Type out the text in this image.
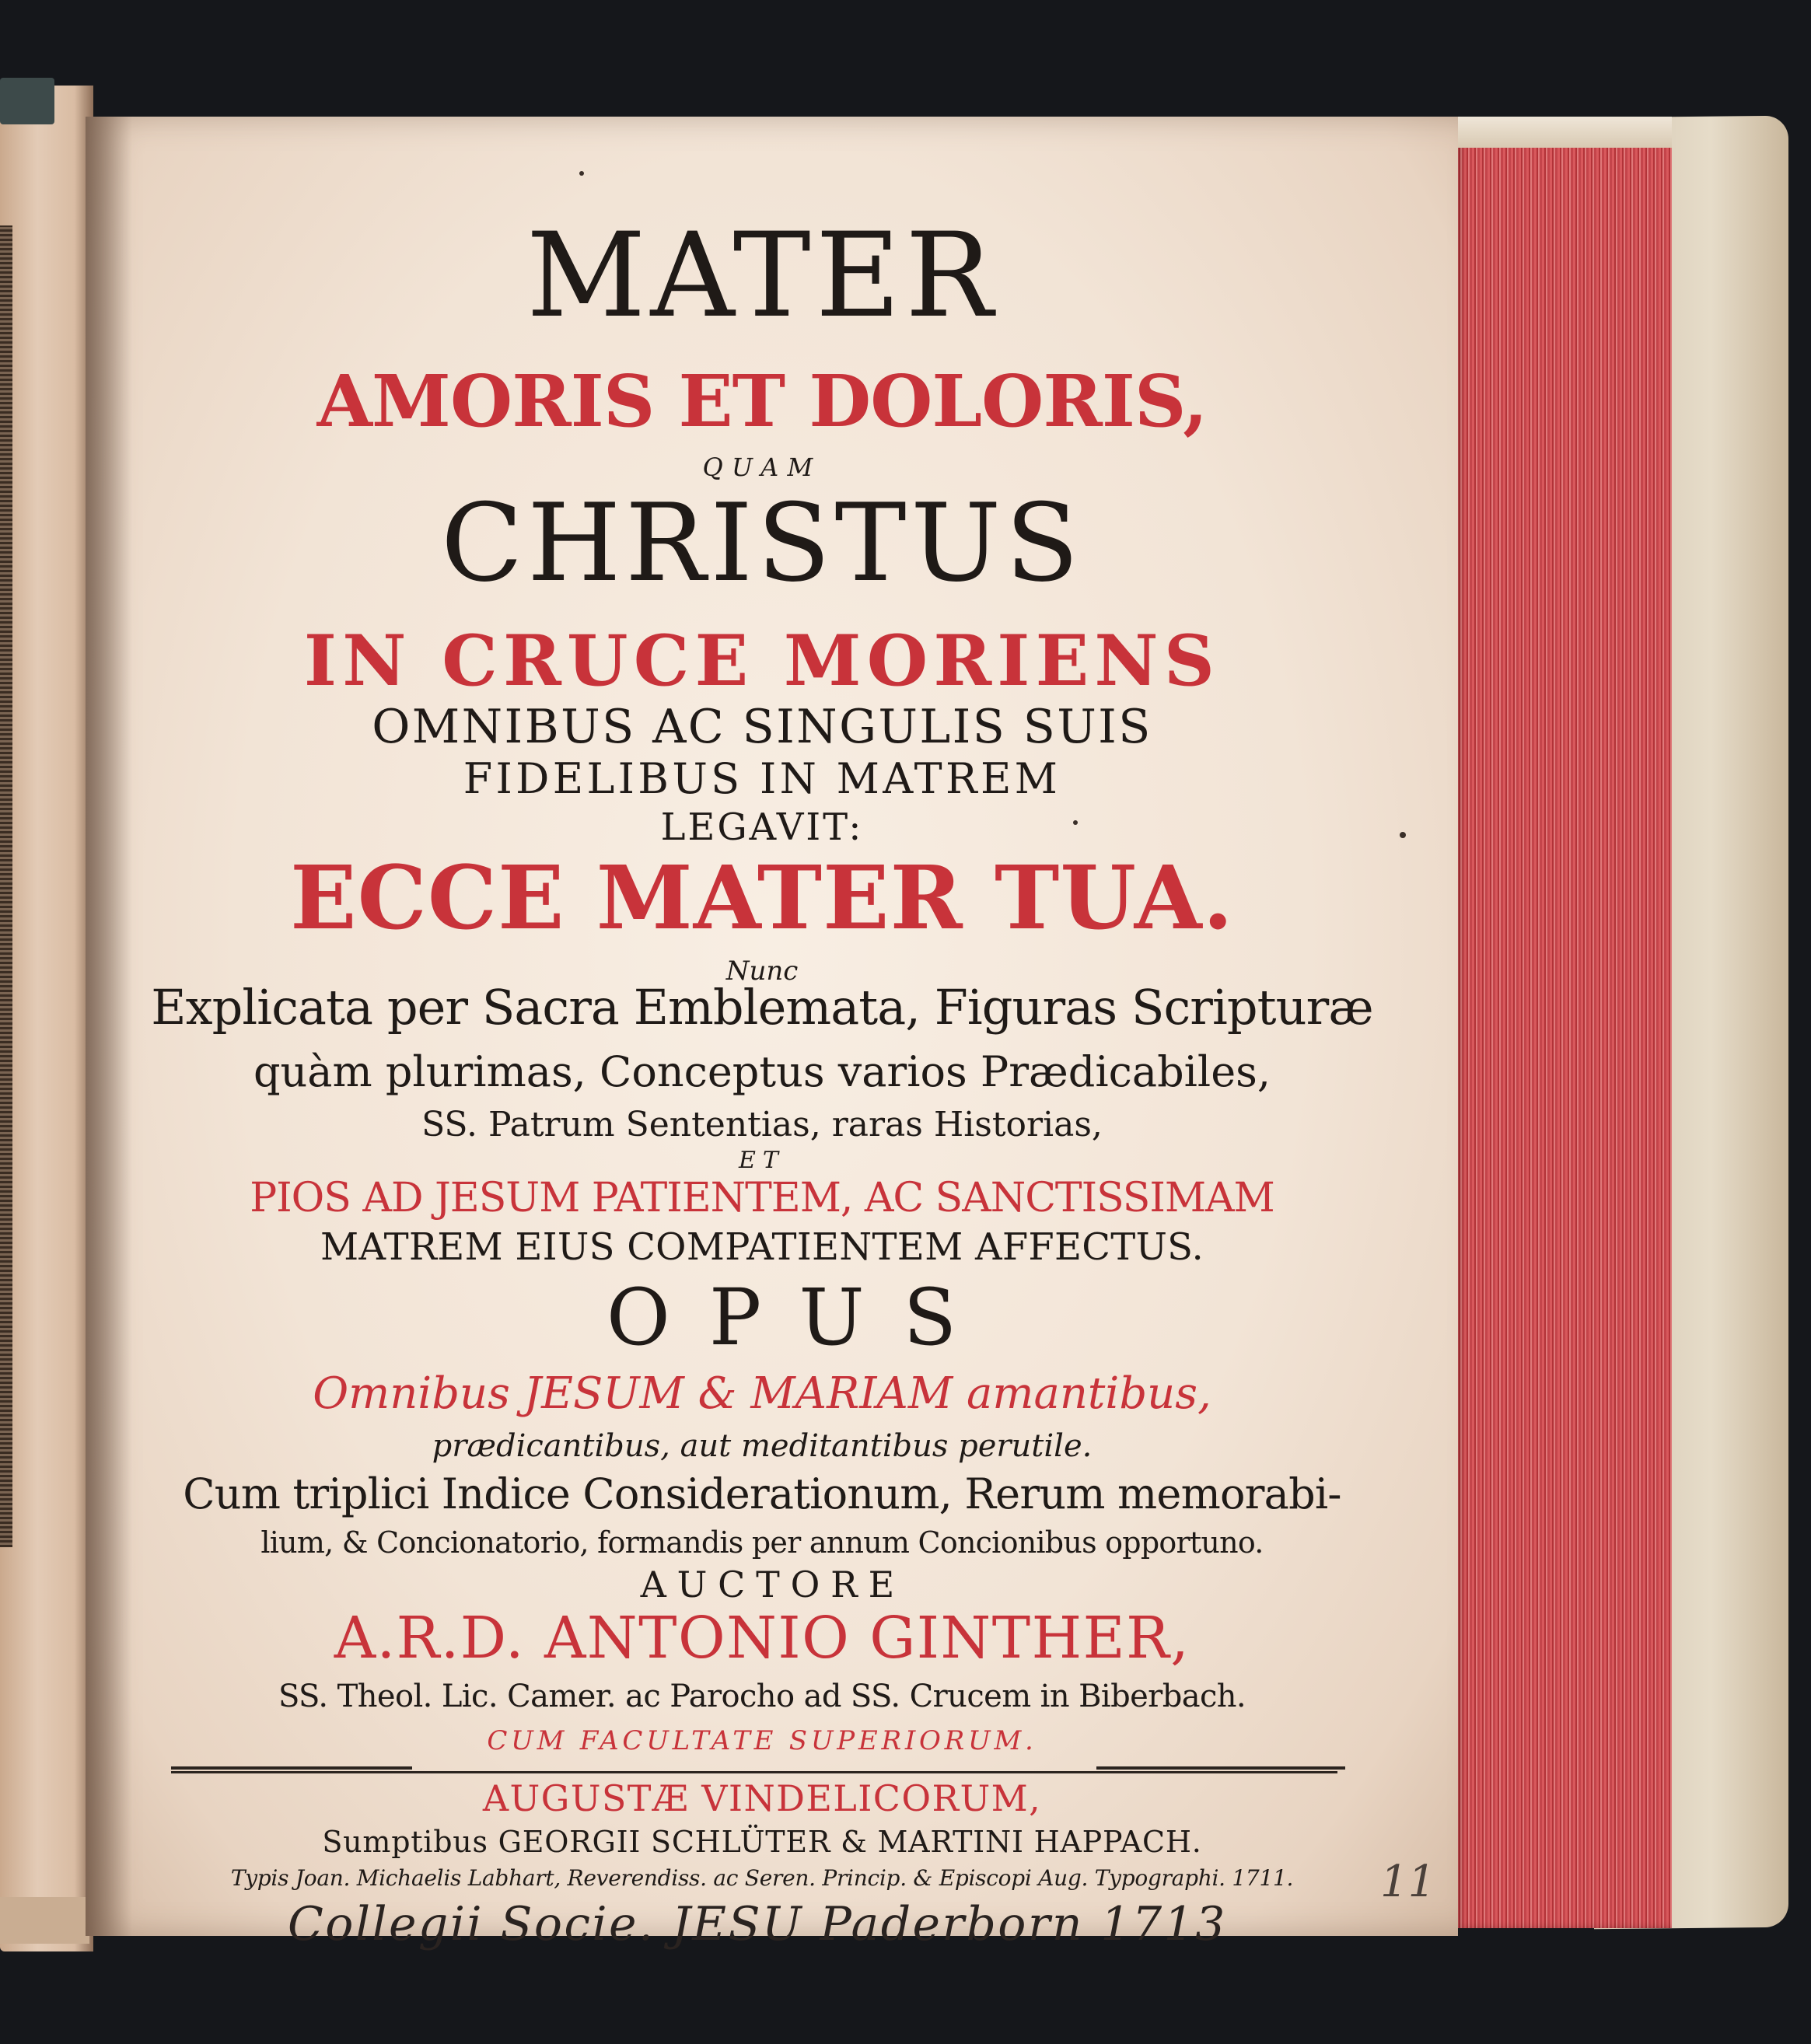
MATER
AMORIS ET DOLORIS,
QUAM
CHRISTUS
IN CRUCE MORIENS
OMNIBUS AC SINGULIS SUIS
FIDELIBUS IN MATREM
LEGAVIT:
ECCE MATER TUA.
Nunc
Explicata per Sacra Emblemata, Figuras Scripturæ
quàm plurimas, Conceptus varios Prædicabiles,
SS. Patrum Sententias, raras Historias,
ET
PIOS AD JESUM PATIENTEM, AC SANCTISSIMAM
MATREM EIUS COMPATIENTEM AFFECTUS.
OPUS
Omnibus JESUM & MARIAM amantibus,
prædicantibus, aut meditantibus perutile.
Cum triplici Indice Considerationum, Rerum memorabi-
lium, & Concionatorio, formandis per annum Concionibus opportuno.
AUCTORE
A.R.D. ANTONIO GINTHER,
SS. Theol. Lic. Camer. ac Parocho ad SS. Crucem in Biberbach.
CUM FACULTATE SUPERIORUM.
AUGUSTÆ VINDELICORUM,
Sumptibus GEORGII SCHLÜTER & MARTINI HAPPACH.
Typis Joan. Michaelis Labhart, Reverendiss. ac Seren. Princip. & Episcopi Aug. Typographi. 1711.
Collegii Socie. JESU Paderborn 1713
11
